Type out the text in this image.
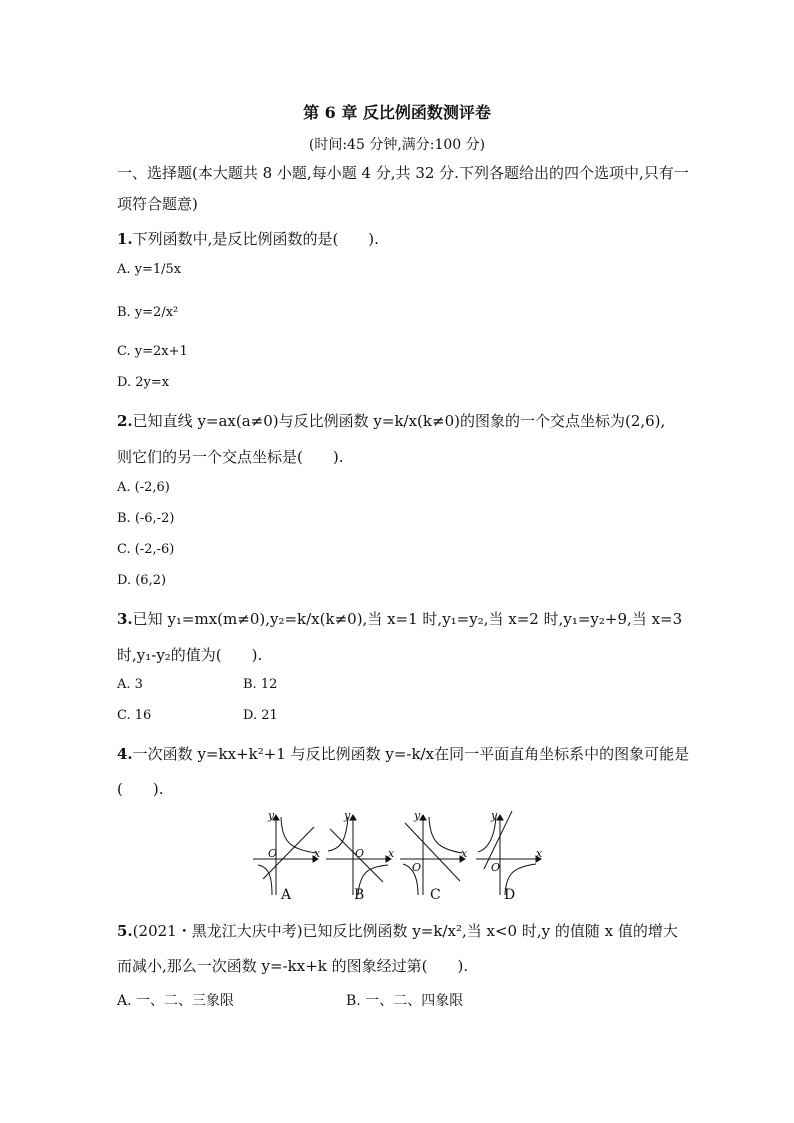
第 6 章 反比例函数测评卷
(时间:45 分钟,满分:100 分)
一、选择题(本大题共 8 小题,每小题 4 分,共 32 分.下列各题给出的四个选项中,只有一项符合题意)
1.下列函数中,是反比例函数的是(　　).
A. y=1/5x
B. y=2/x²
C. y=2x+1
D. 2y=x
2.已知直线 y=ax(a≠0)与反比例函数 y=k/x(k≠0)的图象的一个交点坐标为(2,6),
则它们的另一个交点坐标是(　　).
A. (-2,6)
B. (-6,-2)
C. (-2,-6)
D. (6,2)
3.已知 y₁=mx(m≠0),y₂=k/x(k≠0),当 x=1 时,y₁=y₂,当 x=2 时,y₁=y₂+9,当 x=3
时,y₁-y₂的值为(　　).
A. 3	B. 12
C. 16	D. 21
4.一次函数 y=kx+k²+1 与反比例函数 y=-k/x在同一平面直角坐标系中的图象可能是
(　　).
x
y
O	x
y
O	x
y
O
x
y
O
A	B	C	D
5.(2021・黑龙江大庆中考)已知反比例函数 y=k/x²,当 x<0 时,y 的值随 x 值的增大
而减小,那么一次函数 y=-kx+k 的图象经过第(　　).
A. 一、二、三象限	B. 一、二、四象限
